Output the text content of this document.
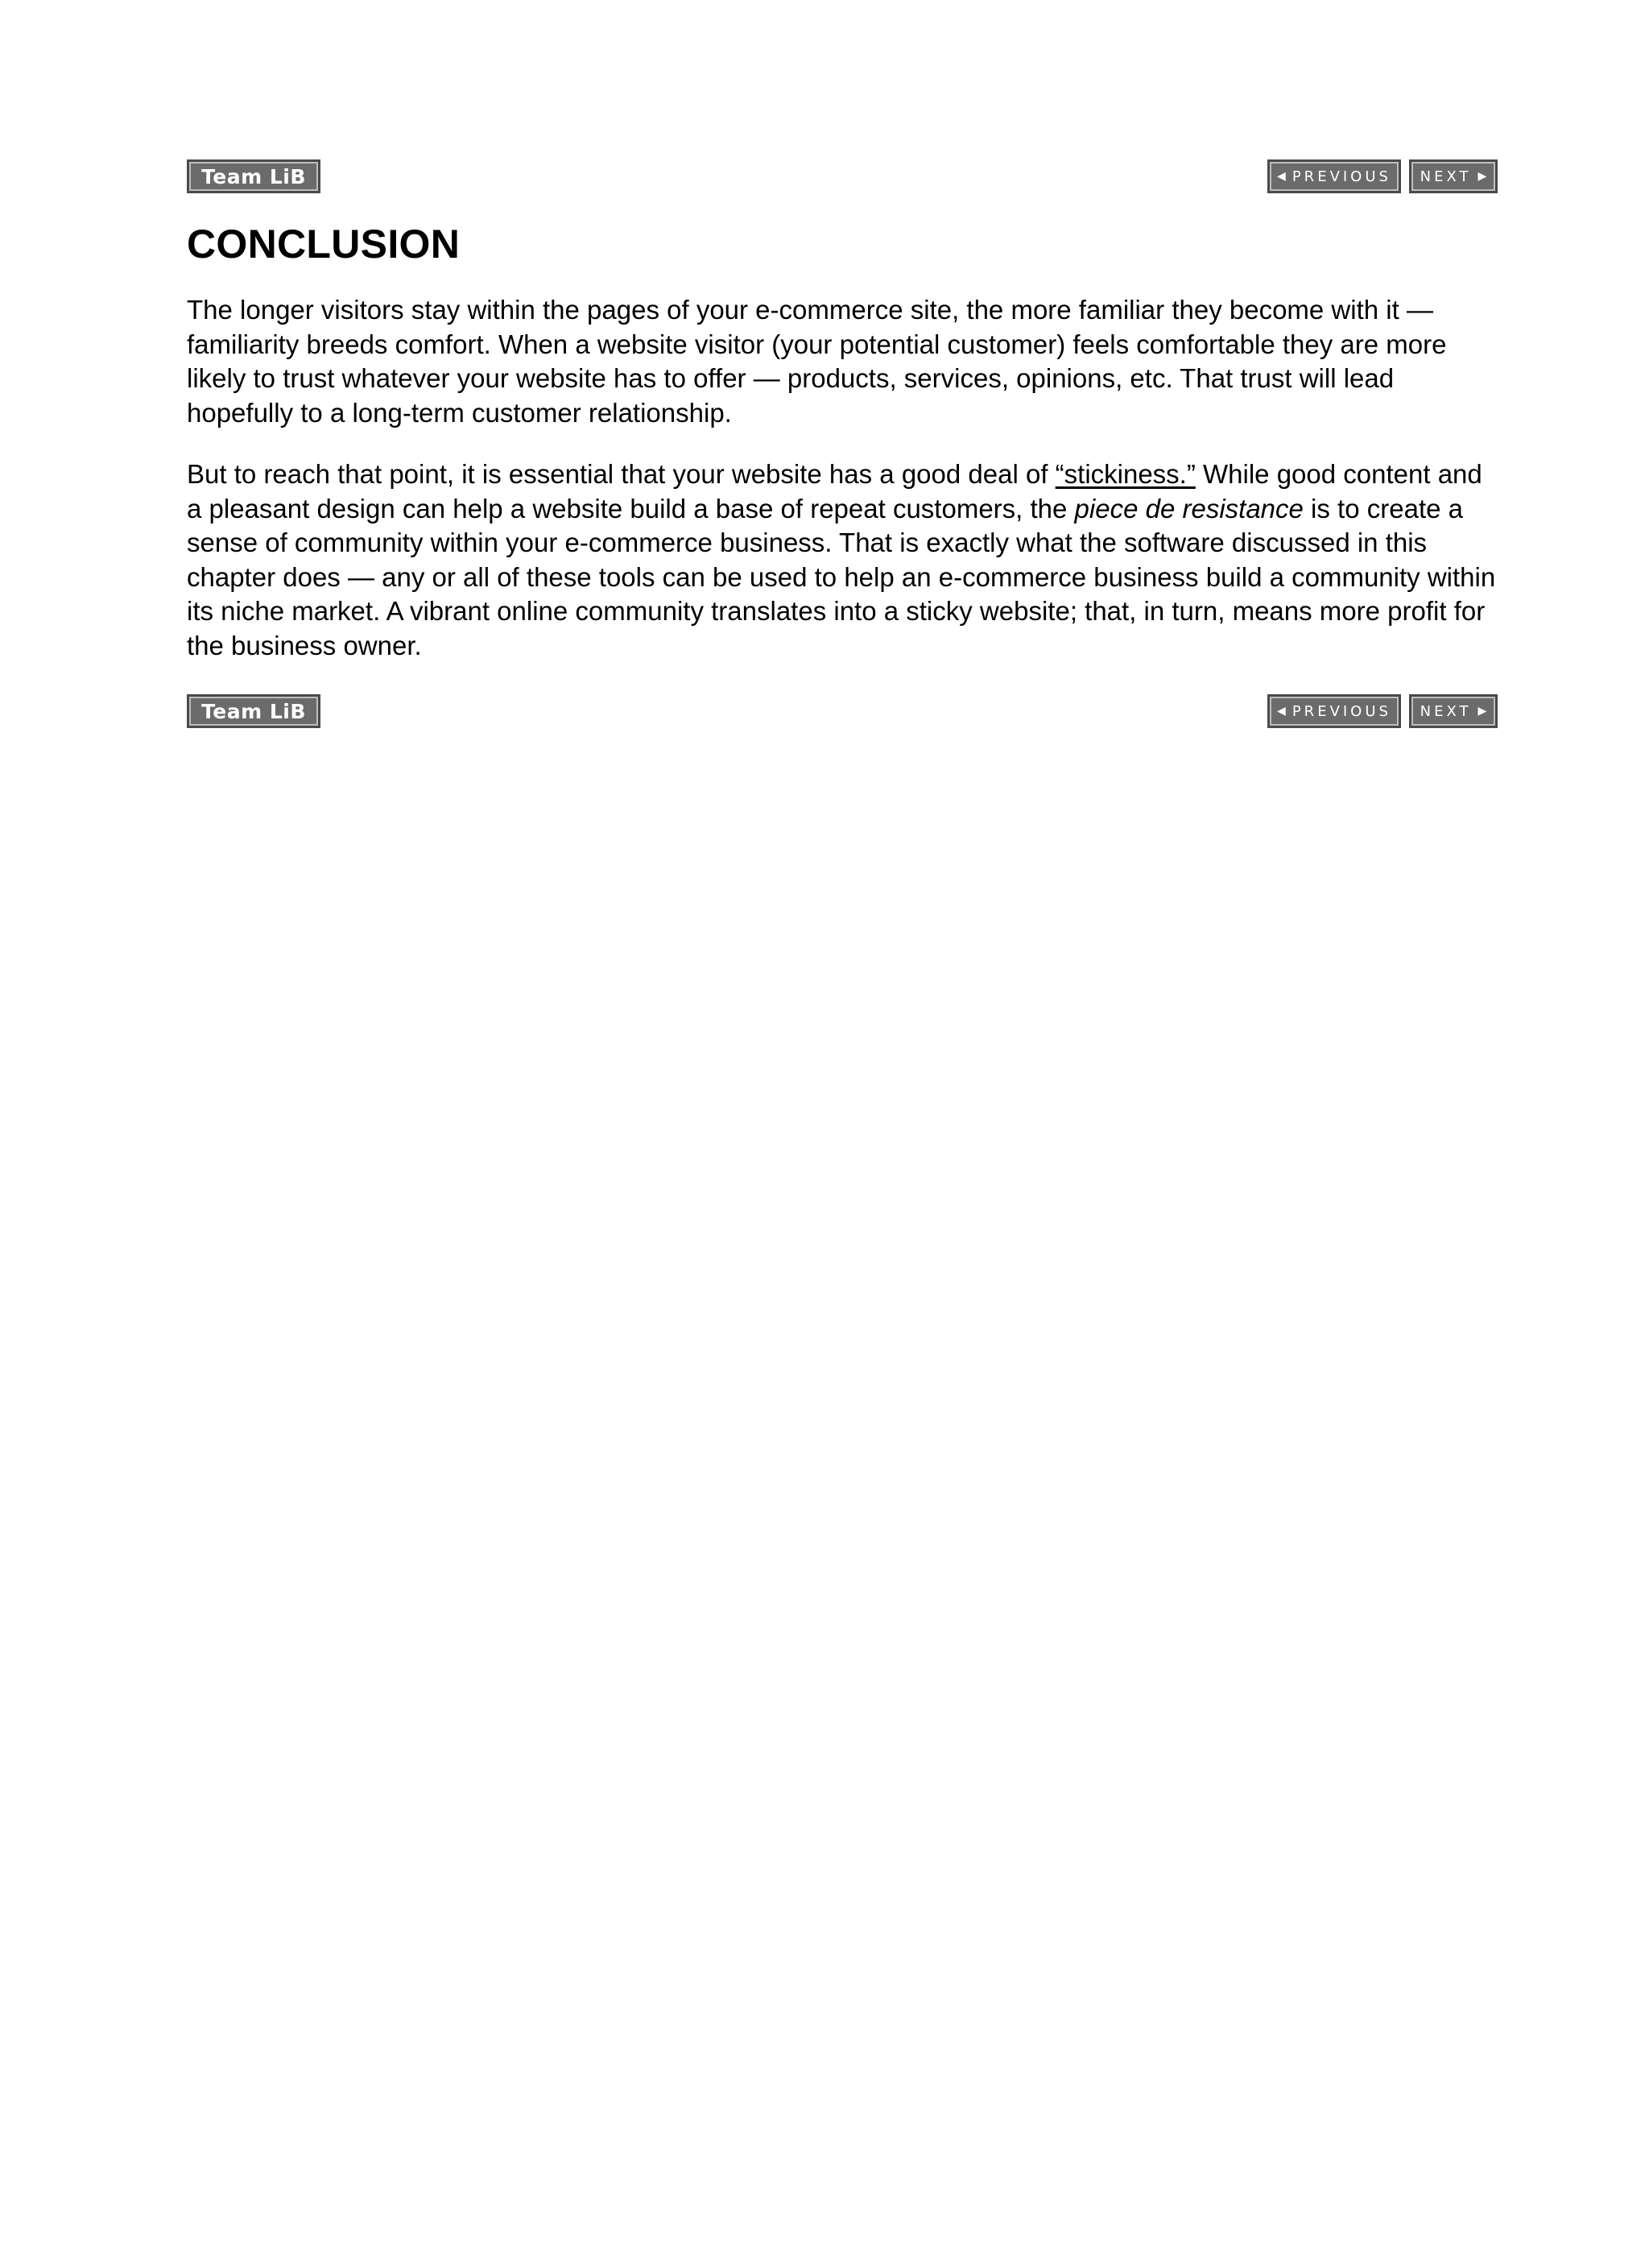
Team LiB	◀ PREVIOUS NEXT ▶
CONCLUSION

The longer visitors stay within the pages of your e-commerce site, the more familiar they become with it — familiarity breeds comfort. When a website visitor (your potential customer) feels comfortable they are more likely to trust whatever your website has to offer — products, services, opinions, etc. That trust will lead hopefully to a long-term customer relationship.

But to reach that point, it is essential that your website has a good deal of “stickiness.” While good content and a pleasant design can help a website build a base of repeat customers, the piece de resistance is to create a sense of community within your e-commerce business. That is exactly what the software discussed in this chapter does — any or all of these tools can be used to help an e-commerce business build a community within its niche market. A vibrant online community translates into a sticky website; that, in turn, means more profit for the business owner.

Team LiB	◀ PREVIOUS NEXT ▶
